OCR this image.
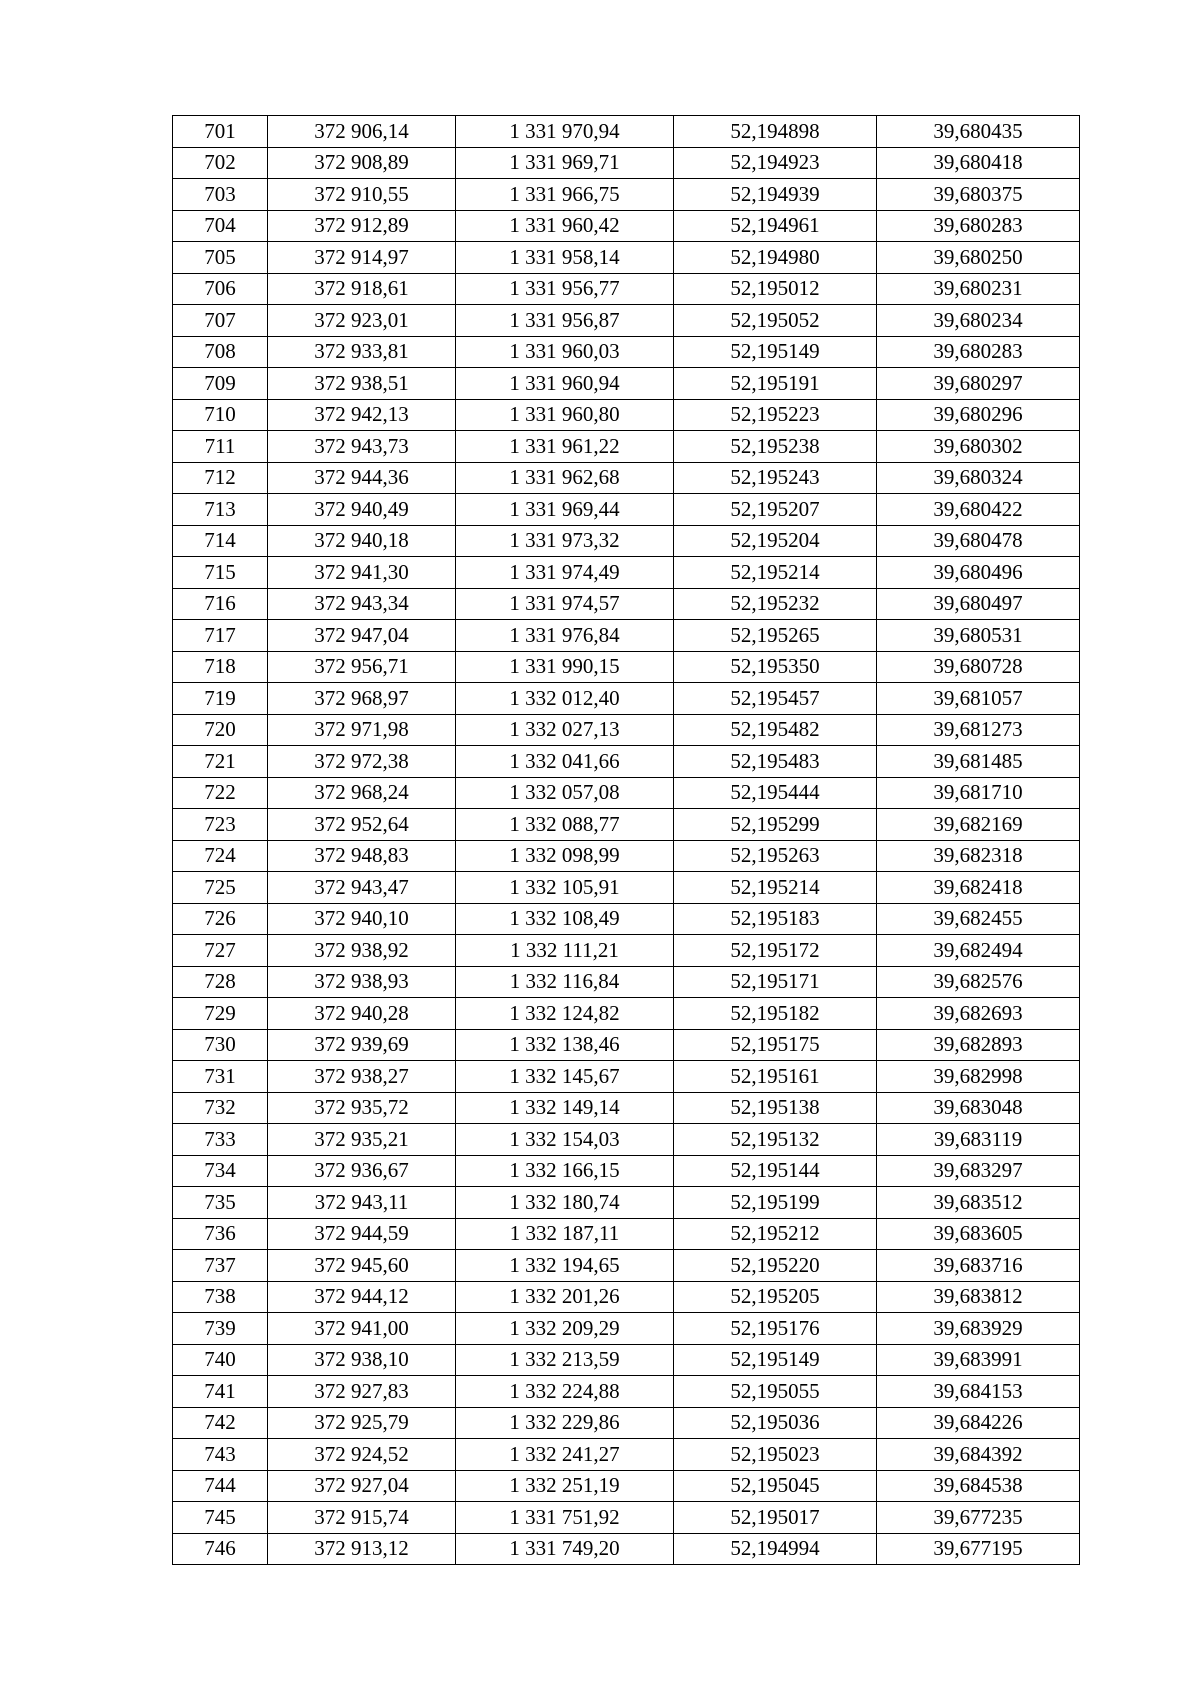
701	372 906,14	1 331 970,94	52,194898	39,680435
702	372 908,89	1 331 969,71	52,194923	39,680418
703	372 910,55	1 331 966,75	52,194939	39,680375
704	372 912,89	1 331 960,42	52,194961	39,680283
705	372 914,97	1 331 958,14	52,194980	39,680250
706	372 918,61	1 331 956,77	52,195012	39,680231
707	372 923,01	1 331 956,87	52,195052	39,680234
708	372 933,81	1 331 960,03	52,195149	39,680283
709	372 938,51	1 331 960,94	52,195191	39,680297
710	372 942,13	1 331 960,80	52,195223	39,680296
711	372 943,73	1 331 961,22	52,195238	39,680302
712	372 944,36	1 331 962,68	52,195243	39,680324
713	372 940,49	1 331 969,44	52,195207	39,680422
714	372 940,18	1 331 973,32	52,195204	39,680478
715	372 941,30	1 331 974,49	52,195214	39,680496
716	372 943,34	1 331 974,57	52,195232	39,680497
717	372 947,04	1 331 976,84	52,195265	39,680531
718	372 956,71	1 331 990,15	52,195350	39,680728
719	372 968,97	1 332 012,40	52,195457	39,681057
720	372 971,98	1 332 027,13	52,195482	39,681273
721	372 972,38	1 332 041,66	52,195483	39,681485
722	372 968,24	1 332 057,08	52,195444	39,681710
723	372 952,64	1 332 088,77	52,195299	39,682169
724	372 948,83	1 332 098,99	52,195263	39,682318
725	372 943,47	1 332 105,91	52,195214	39,682418
726	372 940,10	1 332 108,49	52,195183	39,682455
727	372 938,92	1 332 111,21	52,195172	39,682494
728	372 938,93	1 332 116,84	52,195171	39,682576
729	372 940,28	1 332 124,82	52,195182	39,682693
730	372 939,69	1 332 138,46	52,195175	39,682893
731	372 938,27	1 332 145,67	52,195161	39,682998
732	372 935,72	1 332 149,14	52,195138	39,683048
733	372 935,21	1 332 154,03	52,195132	39,683119
734	372 936,67	1 332 166,15	52,195144	39,683297
735	372 943,11	1 332 180,74	52,195199	39,683512
736	372 944,59	1 332 187,11	52,195212	39,683605
737	372 945,60	1 332 194,65	52,195220	39,683716
738	372 944,12	1 332 201,26	52,195205	39,683812
739	372 941,00	1 332 209,29	52,195176	39,683929
740	372 938,10	1 332 213,59	52,195149	39,683991
741	372 927,83	1 332 224,88	52,195055	39,684153
742	372 925,79	1 332 229,86	52,195036	39,684226
743	372 924,52	1 332 241,27	52,195023	39,684392
744	372 927,04	1 332 251,19	52,195045	39,684538
745	372 915,74	1 331 751,92	52,195017	39,677235
746	372 913,12	1 331 749,20	52,194994	39,677195
